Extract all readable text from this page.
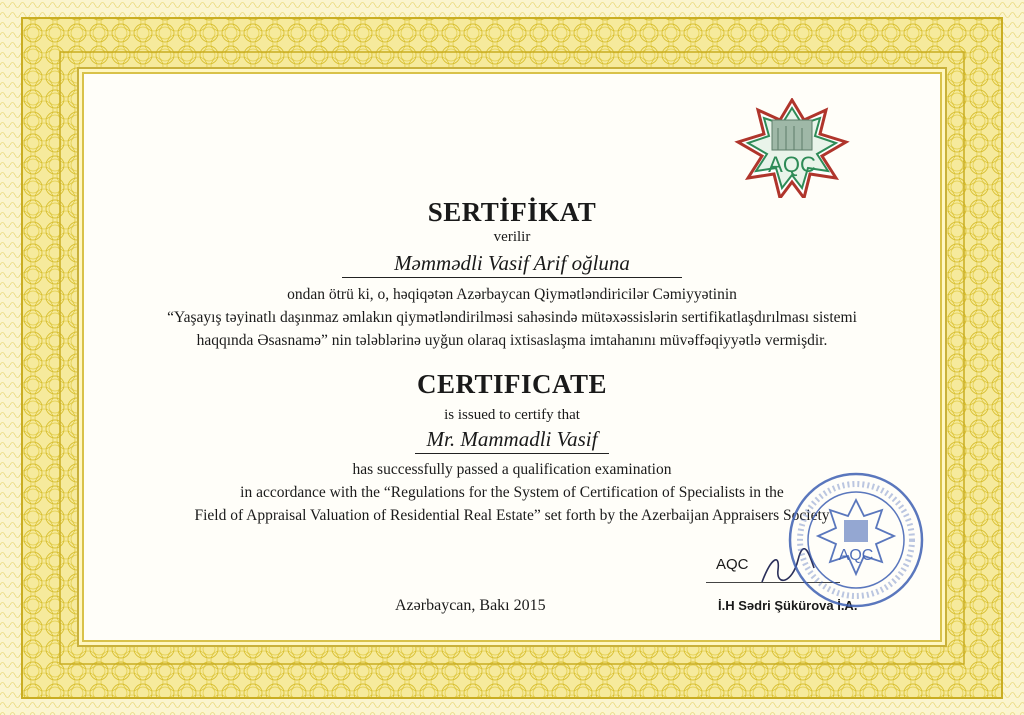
AQC
SERTİFİKAT
verilir
Məmmədli Vasif Arif oğluna
ondan ötrü ki, o, həqiqətən Azərbaycan Qiymətləndiricilər Cəmiyyətinin
“Yaşayış təyinatlı daşınmaz əmlakın qiymətləndirilməsi sahəsində mütəxəssislərin sertifikatlaşdırılması sistemi
haqqında Əsasnamə” nin tələblərinə uyğun olaraq ixtisaslaşma imtahanını müvəffəqiyyətlə vermişdir.
CERTIFICATE
is issued to certify that
Mr. Mammadli Vasif
has successfully passed a qualification examination
in accordance with the “Regulations for the System of Certification of Specialists in the
Field of Appraisal Valuation of Residential Real Estate” set forth by the Azerbaijan Appraisers Society
Azərbaycan, Bakı 2015
AQC
İ.H Sədri Şükürova İ.A.
AQC
